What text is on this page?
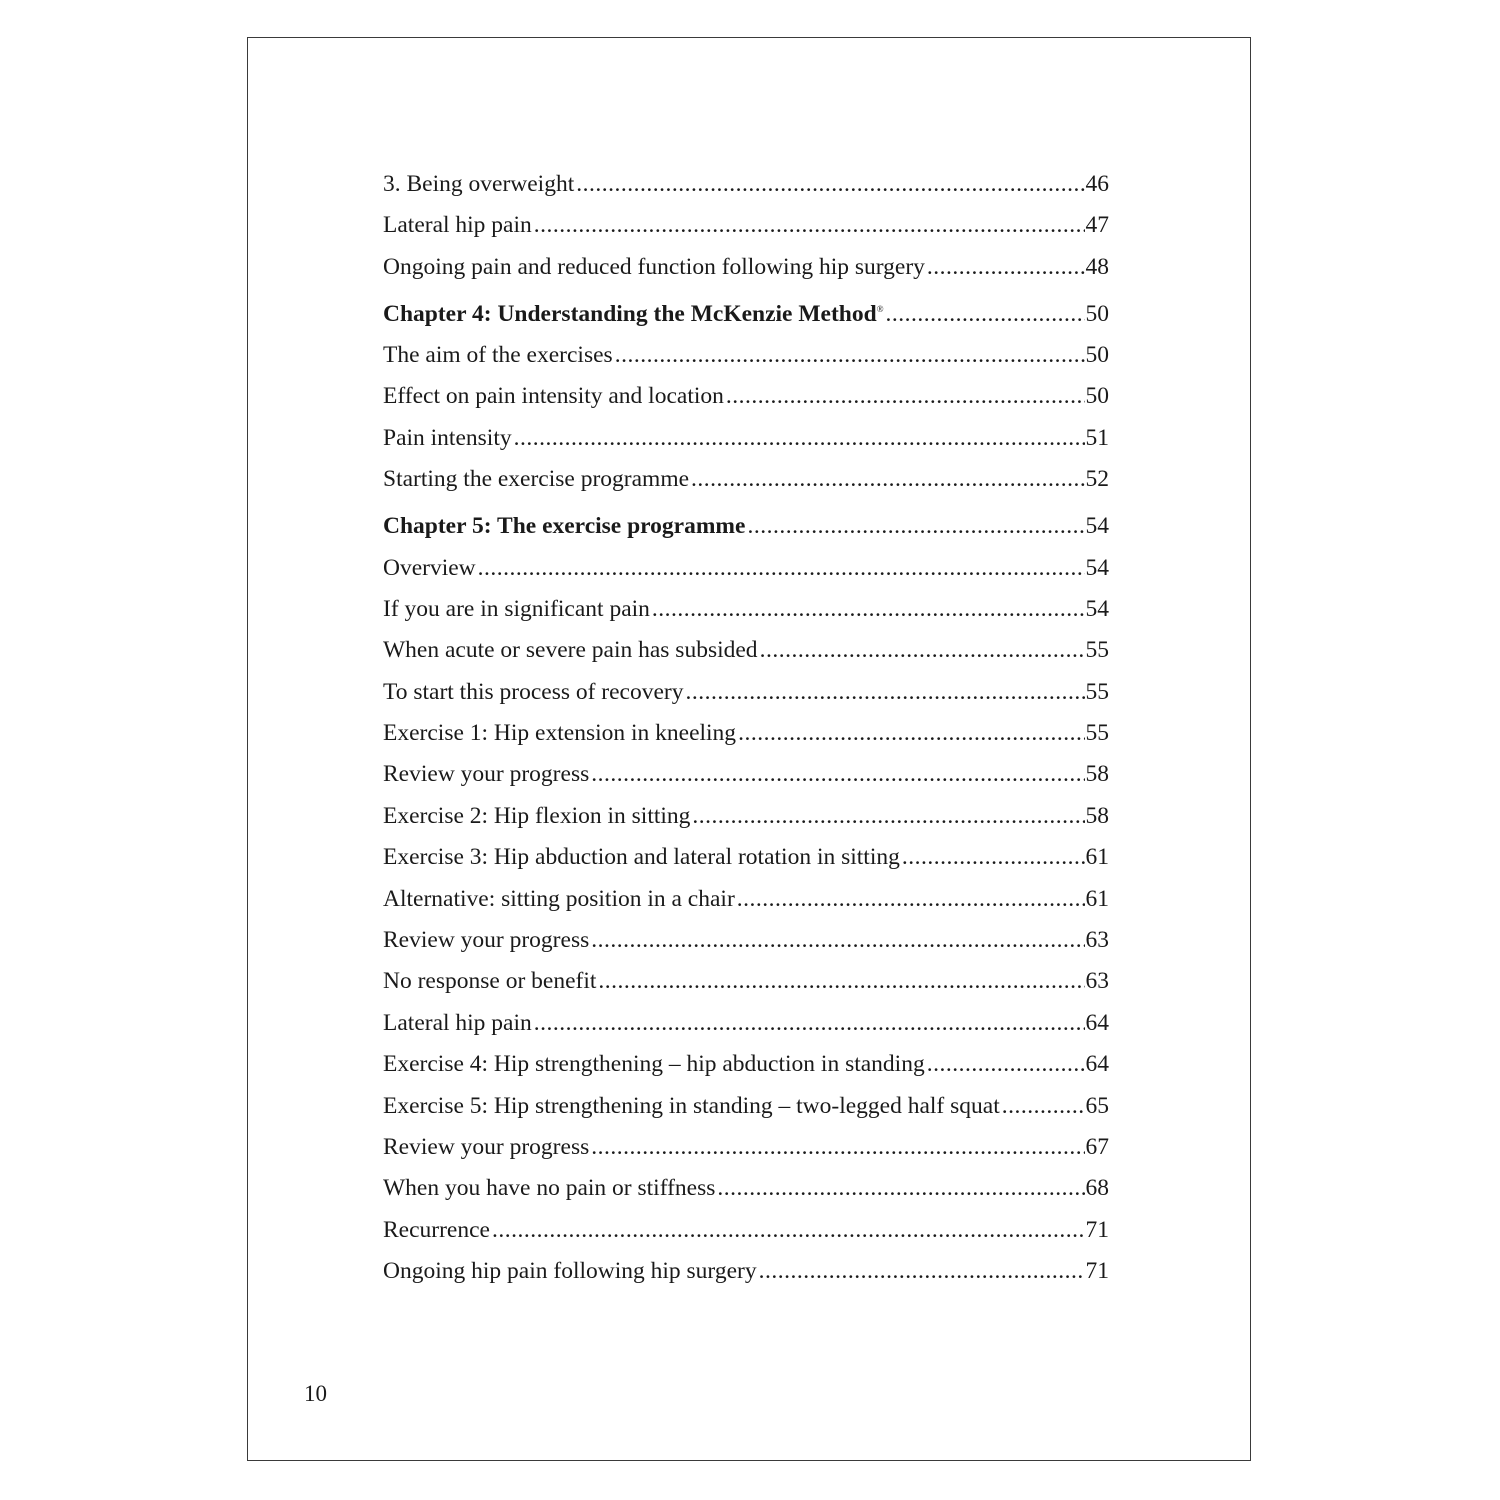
3. Being overweight .....	46
Lateral hip pain .....	47
Ongoing pain and reduced function following hip surgery .....	48
Chapter 4: Understanding the McKenzie Method® .....	50
The aim of the exercises .....	50
Effect on pain intensity and location .....	50
Pain intensity .....	51
Starting the exercise programme .....	52
Chapter 5: The exercise programme .....	54
Overview .....	54
If you are in significant pain .....	54
When acute or severe pain has subsided .....	55
To start this process of recovery .....	55
Exercise 1: Hip extension in kneeling .....	55
Review your progress .....	58
Exercise 2: Hip flexion in sitting .....	58
Exercise 3: Hip abduction and lateral rotation in sitting .....	61
Alternative: sitting position in a chair .....	61
Review your progress .....	63
No response or benefit .....	63
Lateral hip pain .....	64
Exercise 4: Hip strengthening – hip abduction in standing .....	64
Exercise 5: Hip strengthening in standing – two-legged half squat .....	65
Review your progress .....	67
When you have no pain or stiffness .....	68
Recurrence .....	71
Ongoing hip pain following hip surgery .....	71
10
